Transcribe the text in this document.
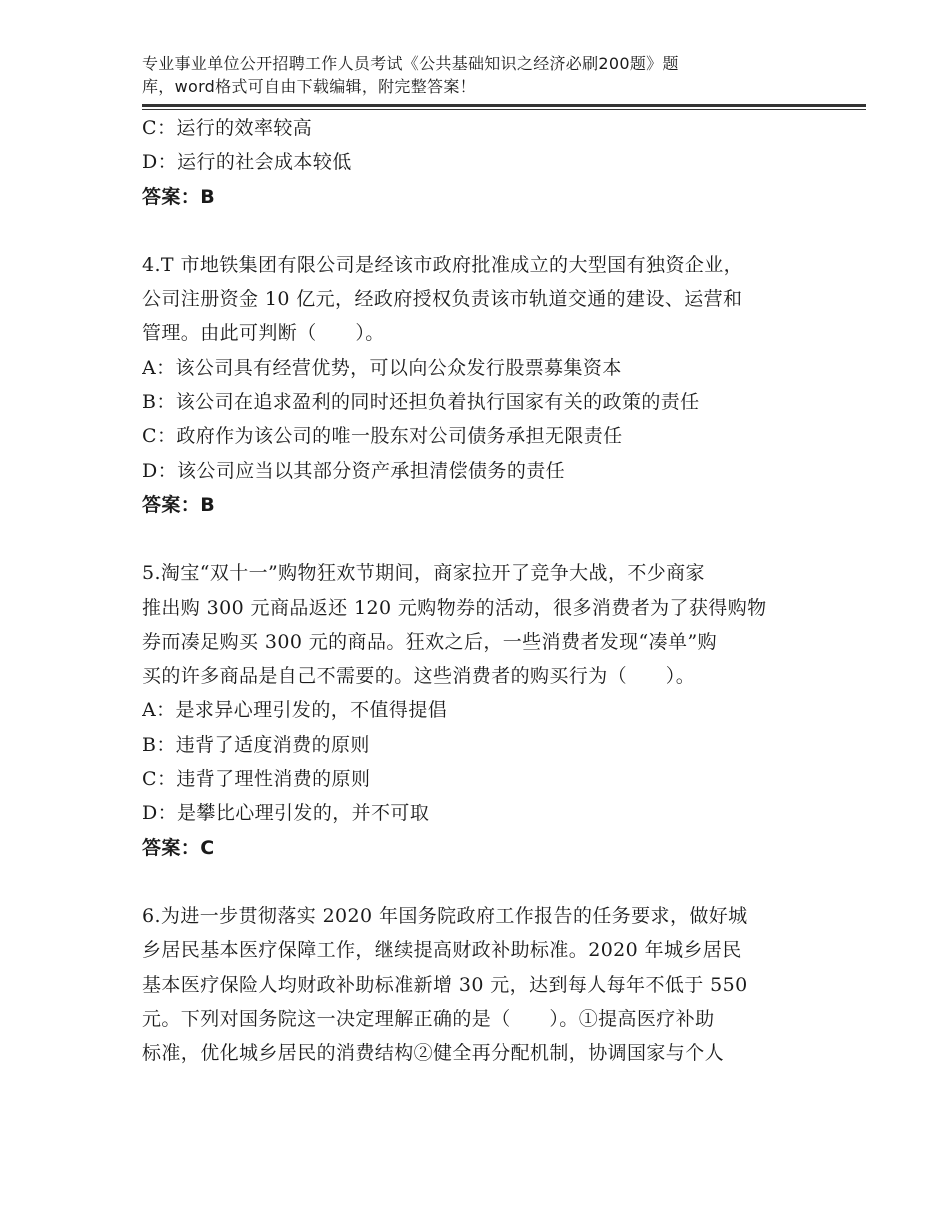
专业事业单位公开招聘工作人员考试《公共基础知识之经济必刷200题》题
库，word格式可自由下载编辑，附完整答案！
C：运行的效率较高
D：运行的社会成本较低
答案：B
4.T 市地铁集团有限公司是经该市政府批准成立的大型国有独资企业，
公司注册资金 10 亿元，经政府授权负责该市轨道交通的建设、运营和
管理。由此可判断（　　）。
A：该公司具有经营优势，可以向公众发行股票募集资本
B：该公司在追求盈利的同时还担负着执行国家有关的政策的责任
C：政府作为该公司的唯一股东对公司债务承担无限责任
D：该公司应当以其部分资产承担清偿债务的责任
答案：B
5.淘宝“双十一”购物狂欢节期间，商家拉开了竞争大战，不少商家
推出购 300 元商品返还 120 元购物券的活动，很多消费者为了获得购物
券而凑足购买 300 元的商品。狂欢之后，一些消费者发现“凑单”购
买的许多商品是自己不需要的。这些消费者的购买行为（　　）。
A：是求异心理引发的，不值得提倡
B：违背了适度消费的原则
C：违背了理性消费的原则
D：是攀比心理引发的，并不可取
答案：C
6.为进一步贯彻落实 2020 年国务院政府工作报告的任务要求，做好城
乡居民基本医疗保障工作，继续提高财政补助标准。2020 年城乡居民
基本医疗保险人均财政补助标准新增 30 元，达到每人每年不低于 550
元。下列对国务院这一决定理解正确的是（　　）。①提高医疗补助
标准，优化城乡居民的消费结构②健全再分配机制，协调国家与个人
